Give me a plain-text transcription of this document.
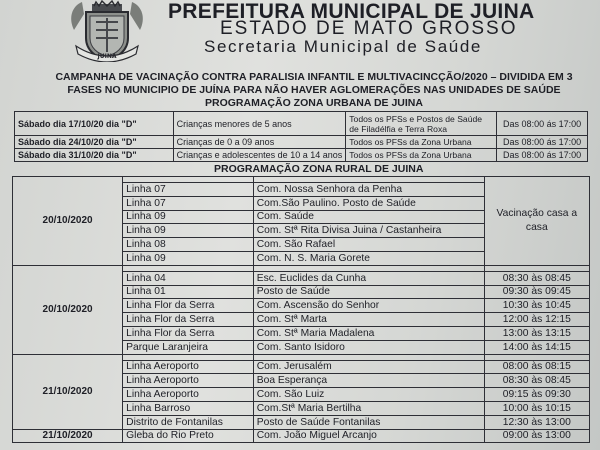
JUINA
PREFEITURA MUNICIPAL DE JUINA
ESTADO DE MATO GROSSO
Secretaria Municipal de Saúde
CAMPANHA DE VACINAÇÃO CONTRA PARALISIA INFANTIL E MULTIVACINCÇÃO/2020 – DIVIDIDA EM 3
FASES NO MUNICIPIO DE JUÍNA PARA NÃO HAVER AGLOMERAÇÕES NAS UNIDADES DE SAÚDE
PROGRAMAÇÃO ZONA URBANA DE JUINA
Sábado dia 17/10/20 dia "D"	Crianças menores de 5 anos	Todos os PFSs e Postos de Saúde de Filadélfia e Terra Roxa	Das 08:00 ás 17:00
Sábado dia 24/10/20 dia "D"	Crianças de 0 a 09 anos	Todos os PFSs da Zona Urbana	Das 08:00 ás 17:00
Sábado dia 31/10/20 dia "D"	Crianças e adolescentes de 10 a 14 anos	Todos os PFSs da Zona Urbana	Das 08:00 ás 17:00
PROGRAMAÇÃO ZONA RURAL DE JUINA
20/10/2020			Vacinação casa a casa
	Linha 07	Com. Nossa Senhora da Penha	
	Linha 07	Com.São Paulino. Posto de Saúde	
	Linha 09	Com. Saúde	
	Linha 09	Com. Stª Rita Divisa Juina / Castanheira	
	Linha 08	Com. São Rafael	
	Linha 09	Com. N. S. Maria Gorete	
20/10/2020			
	Linha 04	Esc. Euclides da Cunha	08:30 às 08:45
	Linha 01	Posto de Saúde	09:30 às 09:45
	Linha Flor da Serra	Com. Ascensão do Senhor	10:30 às 10:45
	Linha Flor da Serra	Com. Stª Marta	12:00 às 12:15
	Linha Flor da Serra	Com. Stª Maria Madalena	13:00 às 13:15
	Parque Laranjeira	Com. Santo Isidoro	14:00 às 14:15
21/10/2020			
	Linha Aeroporto	Com. Jerusalém	08:00 às 08:15
	Linha Aeroporto	Boa Esperança	08:30 às 08:45
	Linha Aeroporto	Com. São Luiz	09:15 às 09:30
	Linha Barroso	Com.Stª Maria Bertilha	10:00 às 10:15
	Distrito de Fontanilas	Posto de Saúde Fontanilas	12:30 às 13:00
21/10/2020	Gleba do Rio Preto	Com. João Miguel Arcanjo	09:00 às 13:00
